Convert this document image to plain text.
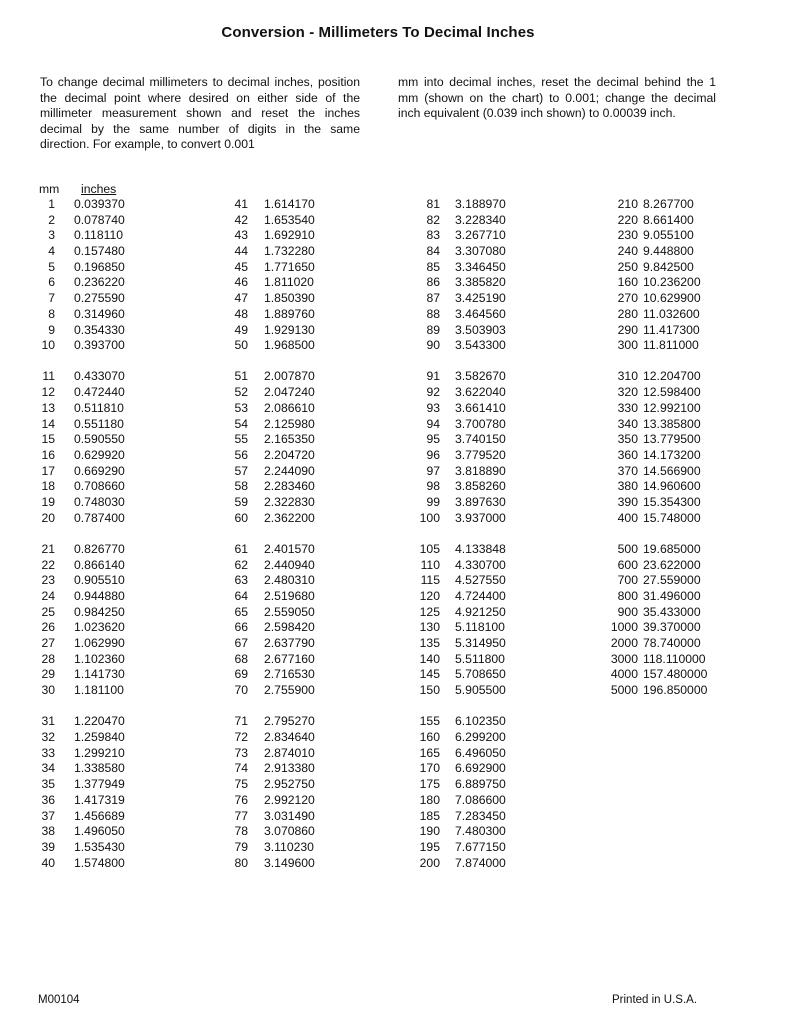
Conversion - Millimeters To Decimal Inches
To change decimal millimeters to decimal inches, position the decimal point where desired on either side of the millimeter measurement shown and reset the inches decimal by the same number of digits in the same direction. For example, to convert 0.001
mm into decimal inches, reset the decimal behind the 1 mm (shown on the chart) to 0.001; change the decimal inch equivalent (0.039 inch shown) to 0.00039 inch.
mm inches
1 0.039370
2 0.078740
3 0.118110
4 0.157480
5 0.196850
6 0.236220
7 0.275590
8 0.314960
9 0.354330
10 0.393700
11 0.433070
12 0.472440
13 0.511810
14 0.551180
15 0.590550
16 0.629920
17 0.669290
18 0.708660
19 0.748030
20 0.787400
21 0.826770
22 0.866140
23 0.905510
24 0.944880
25 0.984250
26 1.023620
27 1.062990
28 1.102360
29 1.141730
30 1.181100
31 1.220470
32 1.259840
33 1.299210
34 1.338580
35 1.377949
36 1.417319
37 1.456689
38 1.496050
39 1.535430
40 1.574800
41 1.614170
42 1.653540
43 1.692910
44 1.732280
45 1.771650
46 1.811020
47 1.850390
48 1.889760
49 1.929130
50 1.968500
51 2.007870
52 2.047240
53 2.086610
54 2.125980
55 2.165350
56 2.204720
57 2.244090
58 2.283460
59 2.322830
60 2.362200
61 2.401570
62 2.440940
63 2.480310
64 2.519680
65 2.559050
66 2.598420
67 2.637790
68 2.677160
69 2.716530
70 2.755900
71 2.795270
72 2.834640
73 2.874010
74 2.913380
75 2.952750
76 2.992120
77 3.031490
78 3.070860
79 3.110230
80 3.149600
81 3.188970
82 3.228340
83 3.267710
84 3.307080
85 3.346450
86 3.385820
87 3.425190
88 3.464560
89 3.503903
90 3.543300
91 3.582670
92 3.622040
93 3.661410
94 3.700780
95 3.740150
96 3.779520
97 3.818890
98 3.858260
99 3.897630
100 3.937000
105 4.133848
110 4.330700
115 4.527550
120 4.724400
125 4.921250
130 5.118100
135 5.314950
140 5.511800
145 5.708650
150 5.905500
155 6.102350
160 6.299200
165 6.496050
170 6.692900
175 6.889750
180 7.086600
185 7.283450
190 7.480300
195 7.677150
200 7.874000
210 8.267700
220 8.661400
230 9.055100
240 9.448800
250 9.842500
160 10.236200
270 10.629900
280 11.032600
290 11.417300
300 11.811000
310 12.204700
320 12.598400
330 12.992100
340 13.385800
350 13.779500
360 14.173200
370 14.566900
380 14.960600
390 15.354300
400 15.748000
500 19.685000
600 23.622000
700 27.559000
800 31.496000
900 35.433000
1000 39.370000
2000 78.740000
3000 118.110000
4000 157.480000
5000 196.850000
M00104	Printed in U.S.A.
